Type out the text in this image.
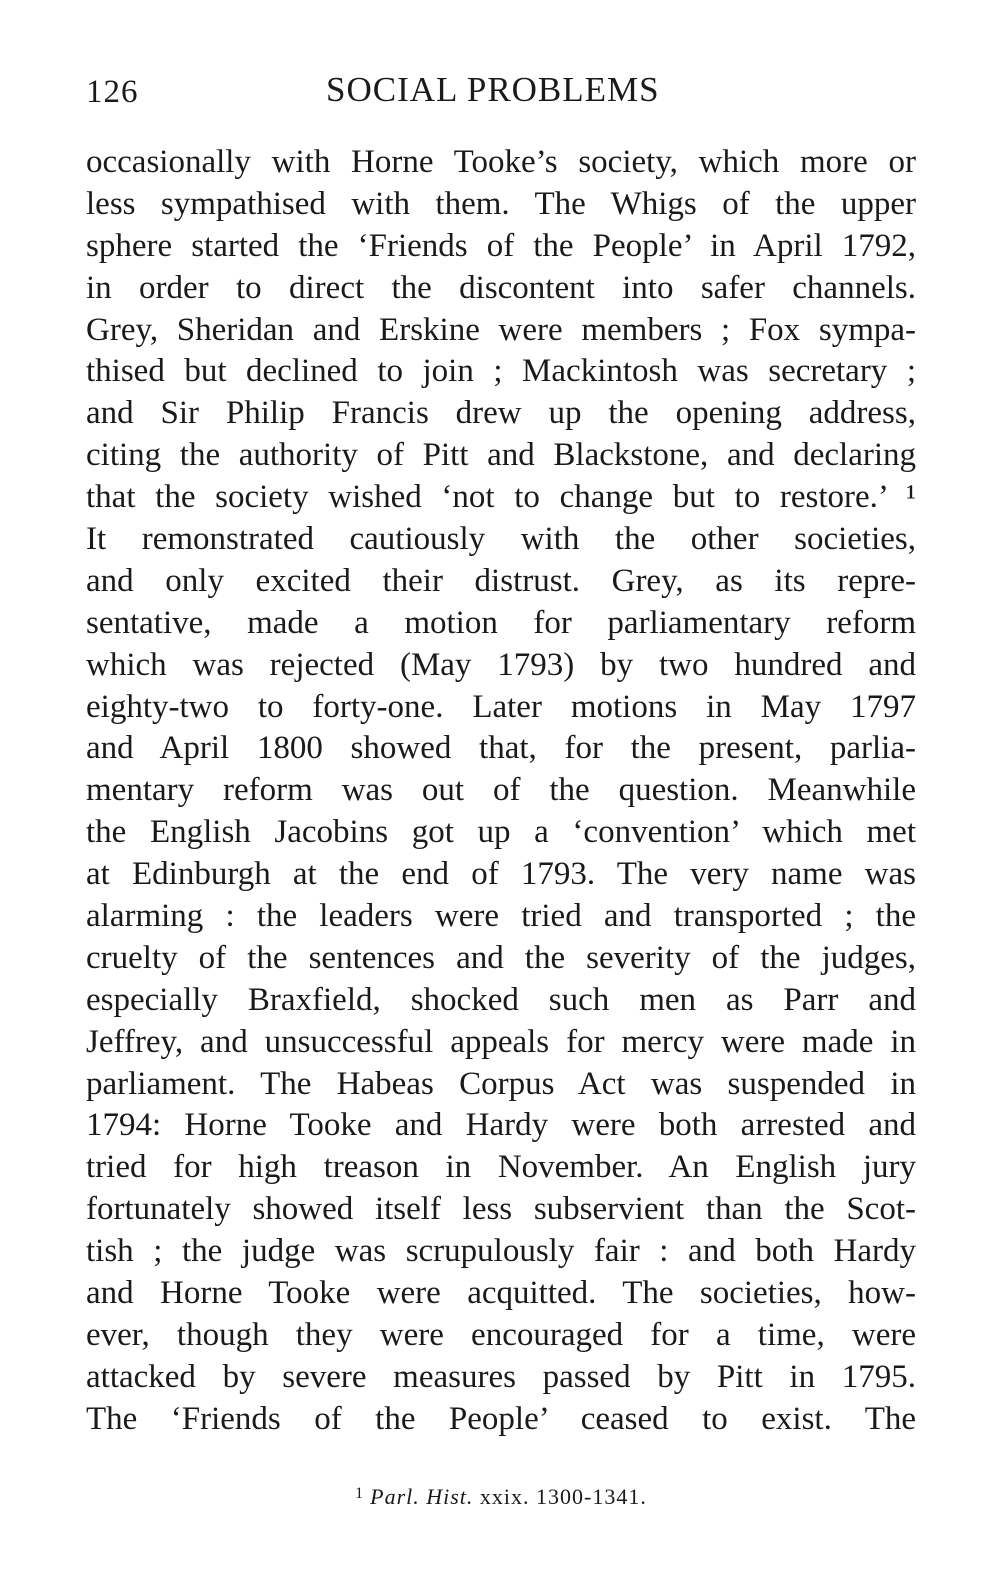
126	SOCIAL PROBLEMS
occasionally with Horne Tooke’s society, which more or
less sympathised with them. The Whigs of the upper
sphere started the ‘Friends of the People’ in April 1792,
in order to direct the discontent into safer channels.
Grey, Sheridan and Erskine were members ; Fox sympa-
thised but declined to join ; Mackintosh was secretary ;
and Sir Philip Francis drew up the opening address,
citing the authority of Pitt and Blackstone, and declaring
that the society wished ‘not to change but to restore.’ ¹
It remonstrated cautiously with the other societies,
and only excited their distrust. Grey, as its repre-
sentative, made a motion for parliamentary reform
which was rejected (May 1793) by two hundred and
eighty-two to forty-one. Later motions in May 1797
and April 1800 showed that, for the present, parlia-
mentary reform was out of the question. Meanwhile
the English Jacobins got up a ‘convention’ which met
at Edinburgh at the end of 1793. The very name was
alarming : the leaders were tried and transported ; the
cruelty of the sentences and the severity of the judges,
especially Braxfield, shocked such men as Parr and
Jeffrey, and unsuccessful appeals for mercy were made in
parliament. The Habeas Corpus Act was suspended in
1794: Horne Tooke and Hardy were both arrested and
tried for high treason in November. An English jury
fortunately showed itself less subservient than the Scot-
tish ; the judge was scrupulously fair : and both Hardy
and Horne Tooke were acquitted. The societies, how-
ever, though they were encouraged for a time, were
attacked by severe measures passed by Pitt in 1795.
The ‘Friends of the People’ ceased to exist. The
$^1$ Parl. Hist. xxix. 1300-1341.
